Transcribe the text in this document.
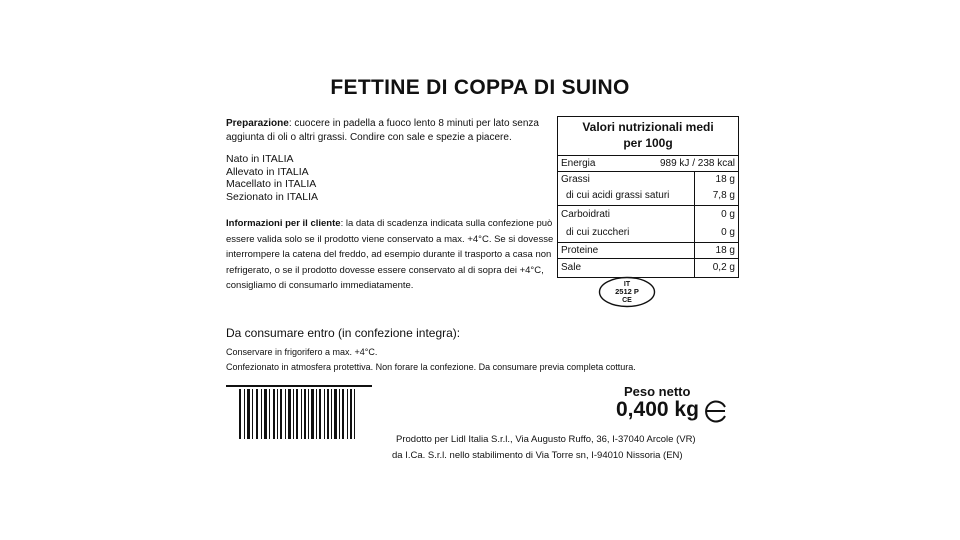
FETTINE DI COPPA DI SUINO
Preparazione: cuocere in padella a fuoco lento 8 minuti per lato senza aggiunta di oli o altri grassi. Condire con sale e spezie a piacere.
Nato in ITALIA
Allevato in ITALIA
Macellato in ITALIA
Sezionato in ITALIA
Informazioni per il cliente: la data di scadenza indicata sulla confezione può essere valida solo se il prodotto viene conservato a max. +4°C. Se si dovesse interrompere la catena del freddo, ad esempio durante il trasporto a casa non refrigerato, o se il prodotto dovesse essere conservato al di sopra dei +4°C, consigliamo di consumarlo immediatamente.
Valori nutrizionali medi
per 100g
Energia	989 kJ / 238 kcal
Grassi	18 g
di cui acidi grassi saturi	7,8 g
Carboidrati	0 g
di cui zuccheri	0 g
Proteine	18 g
Sale	0,2 g
IT
2512 P
CE
Da consumare entro (in confezione integra):
Conservare in frigorifero a max. +4°C.
Confezionato in atmosfera protettiva. Non forare la confezione. Da consumare previa completa cottura.
Peso netto
0,400 kg
Prodotto per Lidl Italia S.r.l., Via Augusto Ruffo, 36, I-37040 Arcole (VR)
da I.Ca. S.r.l. nello stabilimento di Via Torre sn, I-94010 Nissoria (EN)
